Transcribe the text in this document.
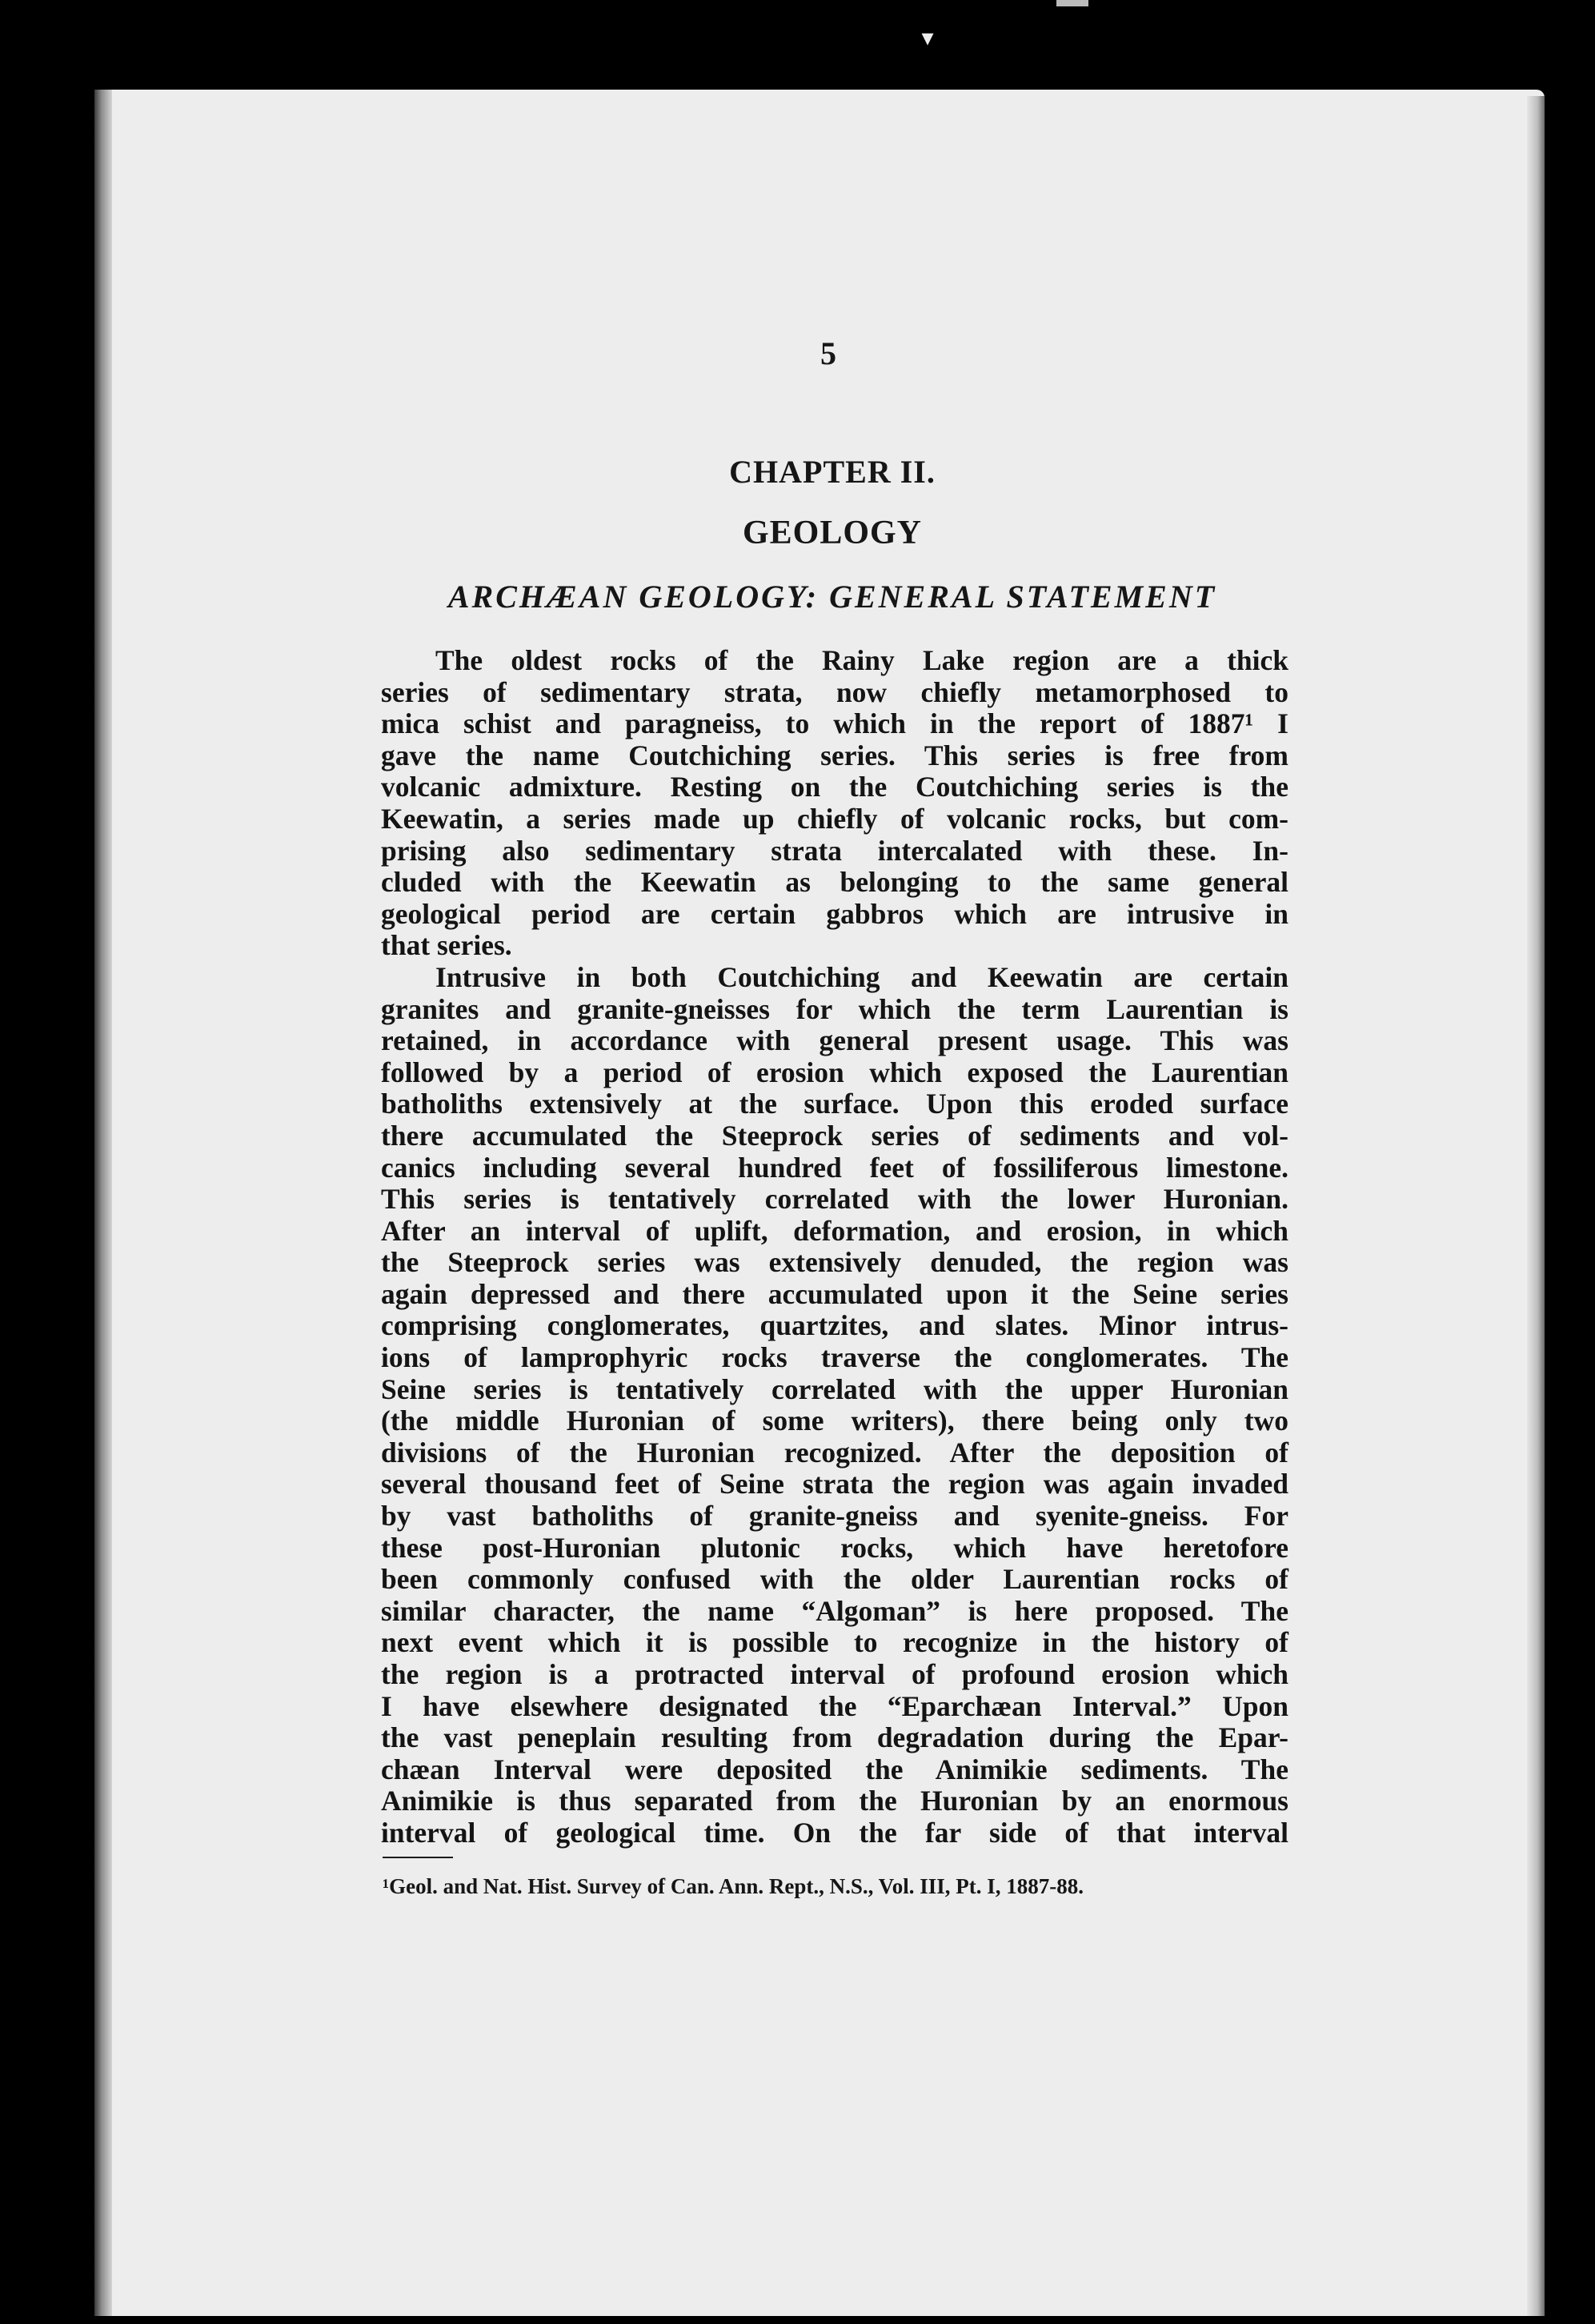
▾
5
CHAPTER II.
GEOLOGY
ARCHÆAN GEOLOGY: GENERAL STATEMENT
The oldest rocks of the Rainy Lake region are a thick
series of sedimentary strata, now chiefly metamorphosed to
mica schist and paragneiss, to which in the report of 1887¹ I
gave the name Coutchiching series. This series is free from
volcanic admixture. Resting on the Coutchiching series is the
Keewatin, a series made up chiefly of volcanic rocks, but com-
prising also sedimentary strata intercalated with these. In-
cluded with the Keewatin as belonging to the same general
geological period are certain gabbros which are intrusive in
that series.
Intrusive in both Coutchiching and Keewatin are certain
granites and granite-gneisses for which the term Laurentian is
retained, in accordance with general present usage. This was
followed by a period of erosion which exposed the Laurentian
batholiths extensively at the surface. Upon this eroded surface
there accumulated the Steeprock series of sediments and vol-
canics including several hundred feet of fossiliferous limestone.
This series is tentatively correlated with the lower Huronian.
After an interval of uplift, deformation, and erosion, in which
the Steeprock series was extensively denuded, the region was
again depressed and there accumulated upon it the Seine series
comprising conglomerates, quartzites, and slates. Minor intrus-
ions of lamprophyric rocks traverse the conglomerates. The
Seine series is tentatively correlated with the upper Huronian
(the middle Huronian of some writers), there being only two
divisions of the Huronian recognized. After the deposition of
several thousand feet of Seine strata the region was again invaded
by vast batholiths of granite-gneiss and syenite-gneiss. For
these post-Huronian plutonic rocks, which have heretofore
been commonly confused with the older Laurentian rocks of
similar character, the name “Algoman” is here proposed. The
next event which it is possible to recognize in the history of
the region is a protracted interval of profound erosion which
I have elsewhere designated the “Eparchæan Interval.” Upon
the vast peneplain resulting from degradation during the Epar-
chæan Interval were deposited the Animikie sediments. The
Animikie is thus separated from the Huronian by an enormous
interval of geological time. On the far side of that interval
¹Geol. and Nat. Hist. Survey of Can. Ann. Rept., N.S., Vol. III, Pt. I, 1887-88.
